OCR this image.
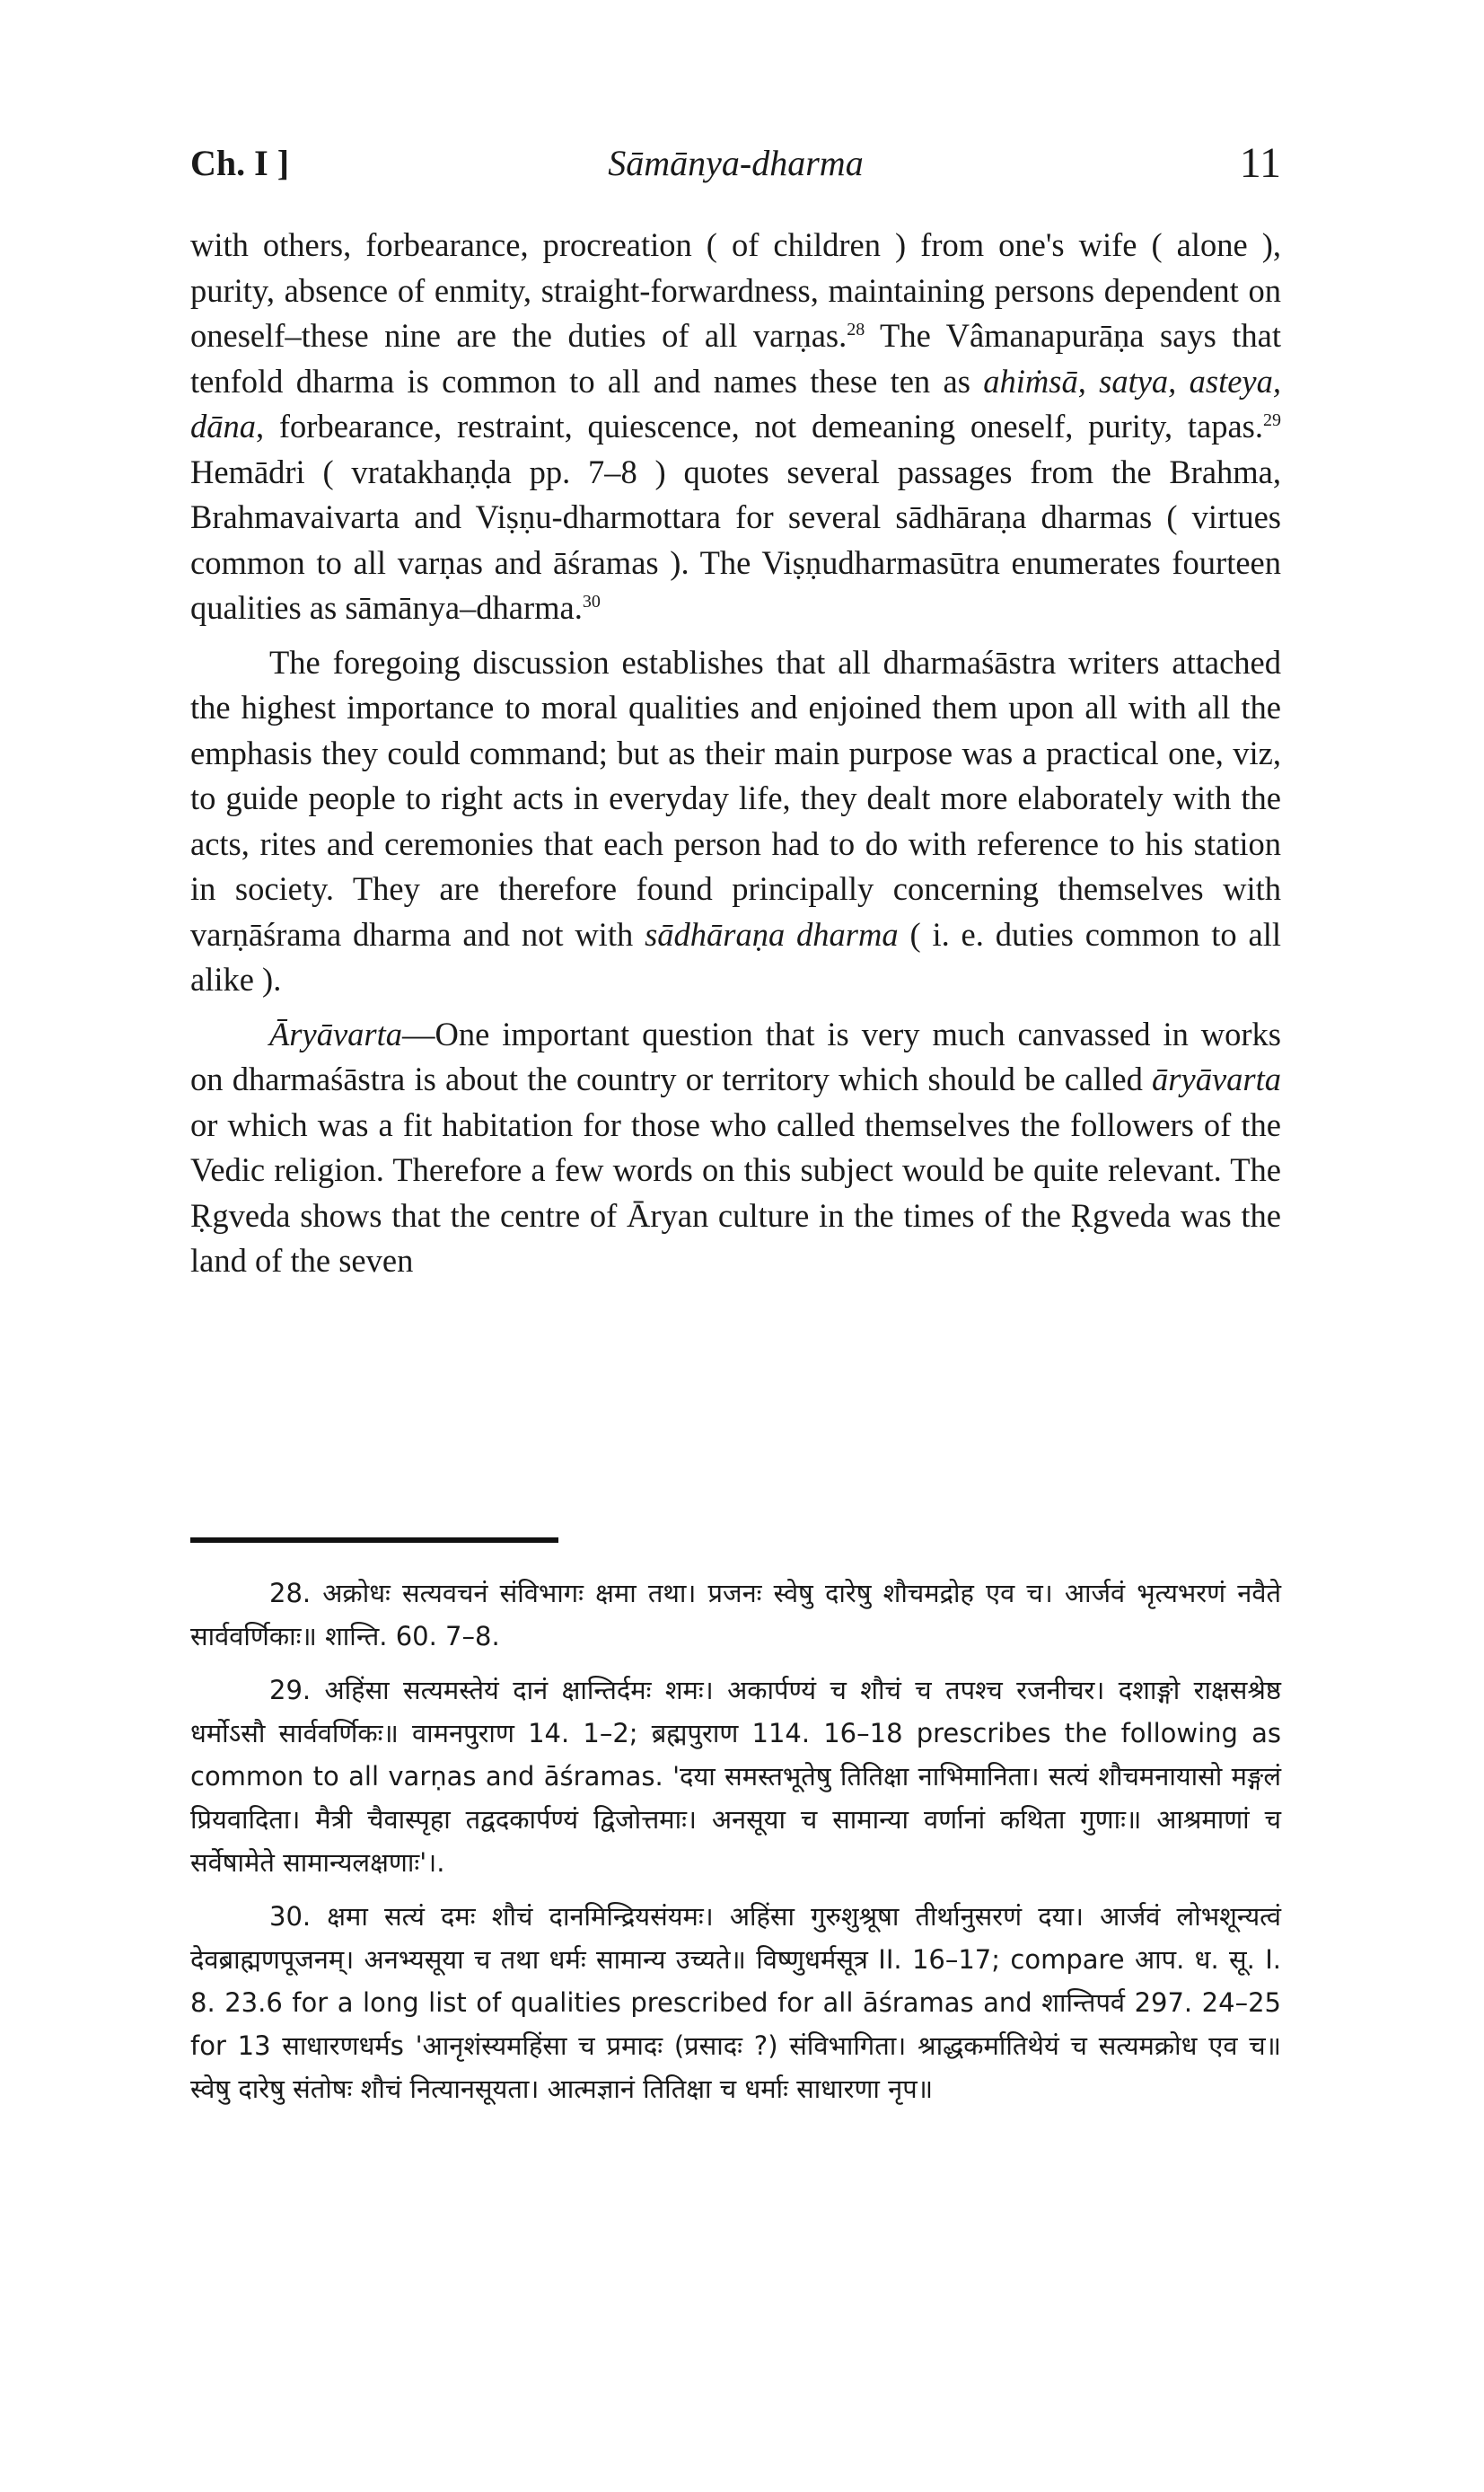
Ch. I ]	Sāmānya-dharma	11

with others, forbearance, procreation ( of children ) from one's wife ( alone ), purity, absence of enmity, straight-forwardness, maintaining persons dependent on oneself–these nine are the duties of all varṇas.$^{28}$ The Vâmanapurāṇa says that tenfold dharma is common to all and names these ten as ahiṁsā, satya, asteya, dāna, forbearance, restraint, quiescence, not demeaning oneself, purity, tapas.$^{29}$ Hemādri ( vratakhaṇḍa pp. 7–8 ) quotes several passages from the Brahma, Brahmavaivarta and Viṣṇu-dharmottara for several sādhāraṇa dharmas ( virtues common to all varṇas and āśramas ). The Viṣṇudharmasūtra enumerates fourteen qualities as sāmānya–dharma.$^{30}$

The foregoing discussion establishes that all dharmaśāstra writers attached the highest importance to moral qualities and enjoined them upon all with all the emphasis they could command; but as their main purpose was a practical one, viz, to guide people to right acts in everyday life, they dealt more elaborately with the acts, rites and ceremonies that each person had to do with reference to his station in society. They are therefore found principally concerning themselves with varṇāśrama dharma and not with sādhāraṇa dharma ( i. e. duties common to all alike ).

Āryāvarta—One important question that is very much canvassed in works on dharmaśāstra is about the country or territory which should be called āryāvarta or which was a fit habitation for those who called themselves the followers of the Vedic religion. Therefore a few words on this subject would be quite relevant. The Ṛgveda shows that the centre of Āryan culture in the times of the Ṛgveda was the land of the seven

28. अक्रोधः सत्यवचनं संविभागः क्षमा तथा। प्रजनः स्वेषु दारेषु शौचमद्रोह एव च। आर्जवं भृत्यभरणं नवैते सार्ववर्णिकाः॥ शान्ति. 60. 7–8.

29. अहिंसा सत्यमस्तेयं दानं क्षान्तिर्दमः शमः। अकार्पण्यं च शौचं च तपश्च रजनीचर। दशाङ्गो राक्षसश्रेष्ठ धर्मोऽसौ सार्ववर्णिकः॥ वामनपुराण 14. 1–2; ब्रह्मपुराण 114. 16–18 prescribes the following as common to all varṇas and āśramas. 'दया समस्तभूतेषु तितिक्षा नाभिमानिता। सत्यं शौचमनायासो मङ्गलं प्रियवादिता। मैत्री चैवास्पृहा तद्वदकार्पण्यं द्विजोत्तमाः। अनसूया च सामान्या वर्णानां कथिता गुणाः॥ आश्रमाणां च सर्वेषामेते सामान्यलक्षणाः'।.

30. क्षमा सत्यं दमः शौचं दानमिन्द्रियसंयमः। अहिंसा गुरुशुश्रूषा तीर्थानुसरणं दया। आर्जवं लोभशून्यत्वं देवब्राह्मणपूजनम्। अनभ्यसूया च तथा धर्मः सामान्य उच्यते॥ विष्णुधर्मसूत्र II. 16–17; compare आप. ध. सू. I. 8. 23.6 for a long list of qualities prescribed for all āśramas and शान्तिपर्व 297. 24–25 for 13 साधारणधर्मs 'आनृशंस्यमहिंसा च प्रमादः (प्रसादः ?) संविभागिता। श्राद्धकर्मातिथेयं च सत्यमक्रोध एव च॥ स्वेषु दारेषु संतोषः शौचं नित्यानसूयता। आत्मज्ञानं तितिक्षा च धर्माः साधारणा नृप॥
